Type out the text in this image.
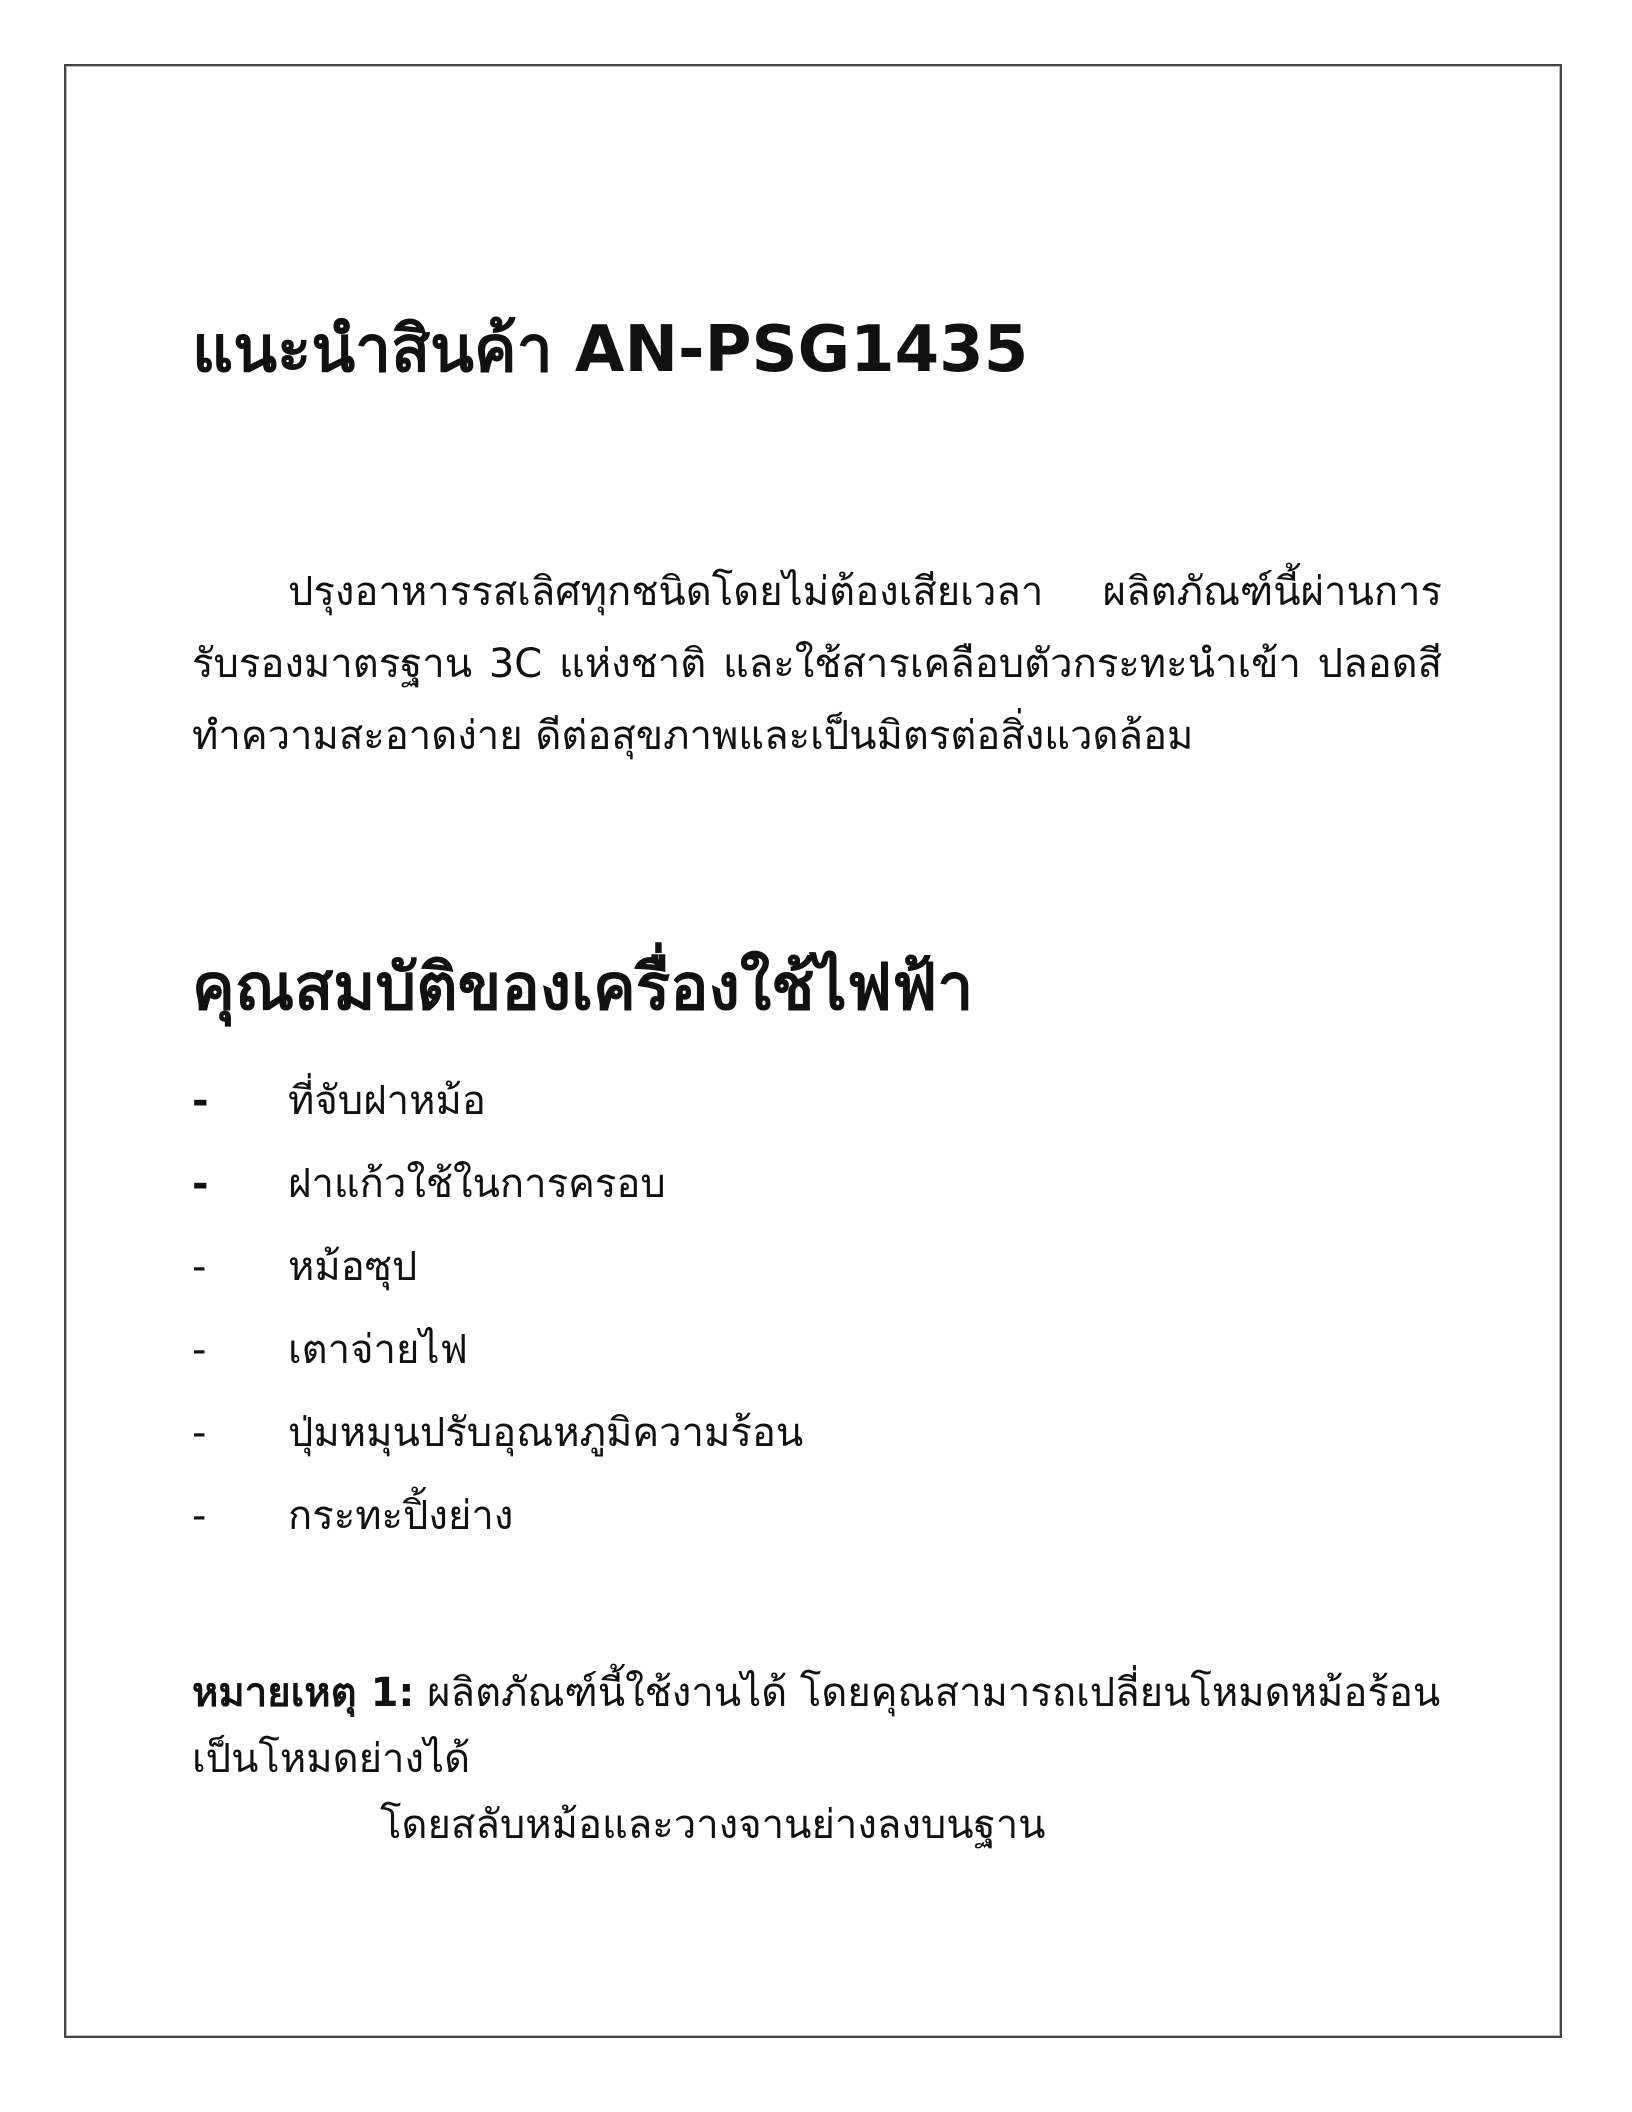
แนะนำสินค้า AN-PSG1435

ปรุงอาหารรสเลิศทุกชนิดโดยไม่ต้องเสียเวลา ผลิตภัณฑ์นี้ผ่านการรับรองมาตรฐาน 3C แห่งชาติ และใช้สารเคลือบตัวกระทะนำเข้า ปลอดสี ทำความสะอาดง่าย ดีต่อสุขภาพและเป็นมิตรต่อสิ่งแวดล้อม

คุณสมบัติของเครื่องใช้ไฟฟ้า
- ที่จับฝาหม้อ
- ฝาแก้วใช้ในการครอบ
- หม้อซุป
- เตาจ่ายไฟ
- ปุ่มหมุนปรับอุณหภูมิความร้อน
- กระทะปิ้งย่าง

หมายเหตุ 1: ผลิตภัณฑ์นี้ใช้งานได้ โดยคุณสามารถเปลี่ยนโหมดหม้อร้อนเป็นโหมดย่างได้

โดยสลับหม้อและวางจานย่างลงบนฐาน
